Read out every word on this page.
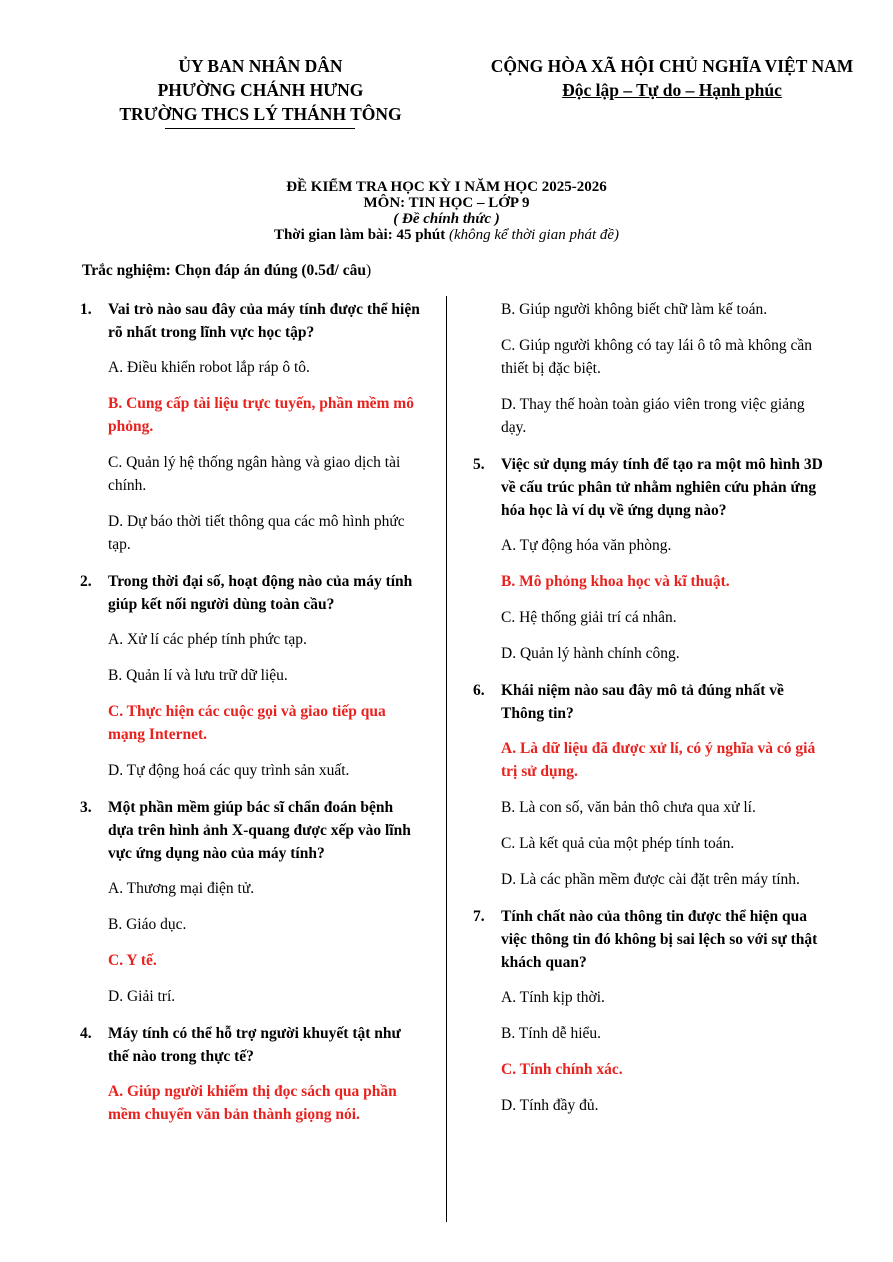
ỦY BAN NHÂN DÂN
PHƯỜNG CHÁNH HƯNG
TRƯỜNG THCS LÝ THÁNH TÔNG
CỘNG HÒA XÃ HỘI CHỦ NGHĨA VIỆT NAM
Độc lập – Tự do – Hạnh phúc
ĐỀ KIỂM TRA HỌC KỲ I NĂM HỌC 2025-2026
MÔN: TIN HỌC – LỚP 9
( Đề chính thức )
Thời gian làm bài: 45 phút (không kể thời gian phát đề)
Trắc nghiệm: Chọn đáp án đúng (0.5đ/ câu)
1. Vai trò nào sau đây của máy tính được thể hiện rõ nhất trong lĩnh vực học tập?
A. Điều khiển robot lắp ráp ô tô.
B. Cung cấp tài liệu trực tuyến, phần mềm mô phỏng.
C. Quản lý hệ thống ngân hàng và giao dịch tài chính.
D. Dự báo thời tiết thông qua các mô hình phức tạp.
2. Trong thời đại số, hoạt động nào của máy tính giúp kết nối người dùng toàn cầu?
A. Xử lí các phép tính phức tạp.
B. Quản lí và lưu trữ dữ liệu.
C. Thực hiện các cuộc gọi và giao tiếp qua mạng Internet.
D. Tự động hoá các quy trình sản xuất.
3. Một phần mềm giúp bác sĩ chẩn đoán bệnh dựa trên hình ảnh X-quang được xếp vào lĩnh vực ứng dụng nào của máy tính?
A. Thương mại điện tử.
B. Giáo dục.
C. Y tế.
D. Giải trí.
4. Máy tính có thể hỗ trợ người khuyết tật như thế nào trong thực tế?
A. Giúp người khiếm thị đọc sách qua phần mềm chuyển văn bản thành giọng nói.
B. Giúp người không biết chữ làm kế toán.
C. Giúp người không có tay lái ô tô mà không cần thiết bị đặc biệt.
D. Thay thế hoàn toàn giáo viên trong việc giảng dạy.
5. Việc sử dụng máy tính để tạo ra một mô hình 3D về cấu trúc phân tử nhằm nghiên cứu phản ứng hóa học là ví dụ về ứng dụng nào?
A. Tự động hóa văn phòng.
B. Mô phỏng khoa học và kĩ thuật.
C. Hệ thống giải trí cá nhân.
D. Quản lý hành chính công.
6. Khái niệm nào sau đây mô tả đúng nhất về Thông tin?
A. Là dữ liệu đã được xử lí, có ý nghĩa và có giá trị sử dụng.
B. Là con số, văn bản thô chưa qua xử lí.
C. Là kết quả của một phép tính toán.
D. Là các phần mềm được cài đặt trên máy tính.
7. Tính chất nào của thông tin được thể hiện qua việc thông tin đó không bị sai lệch so với sự thật khách quan?
A. Tính kịp thời.
B. Tính dễ hiểu.
C. Tính chính xác.
D. Tính đầy đủ.
